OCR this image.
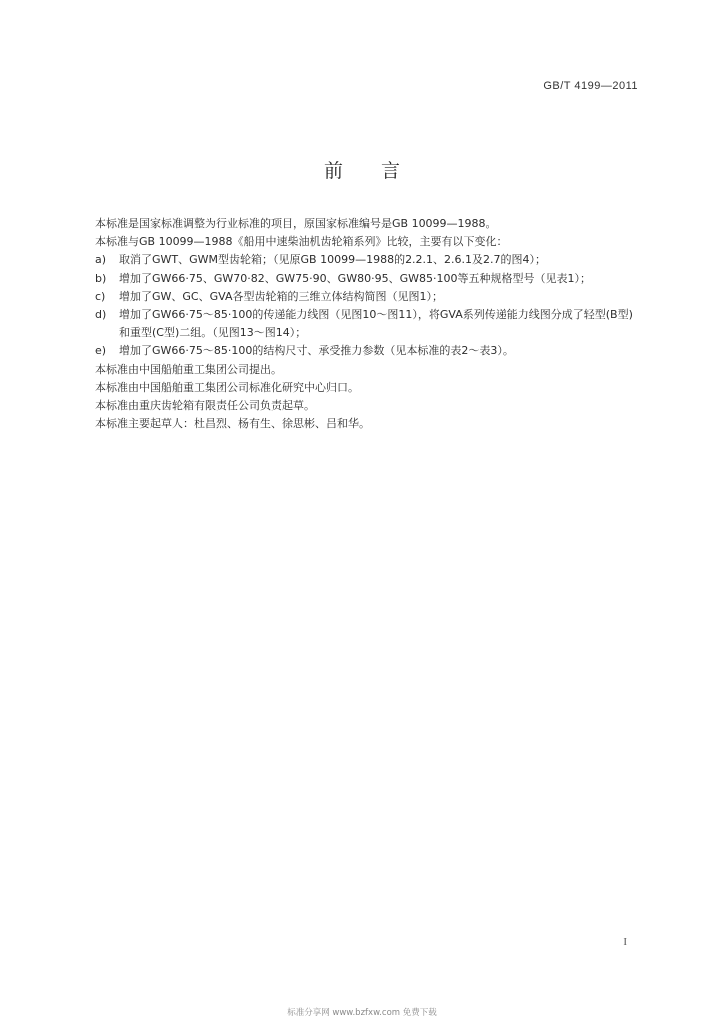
GB/T 4199—2011
前言
本标准是国家标准调整为行业标准的项目，原国家标准编号是GB 10099—1988。
本标准与GB 10099—1988《船用中速柴油机齿轮箱系列》比较，主要有以下变化：
a)	取消了GWT、GWM型齿轮箱；（见原GB 10099—1988的2.2.1、2.6.1及2.7的图4）；
b)	增加了GW66·75、GW70·82、GW75·90、GW80·95、GW85·100等五种规格型号（见表1）；
c)	增加了GW、GC、GVA各型齿轮箱的三维立体结构简图（见图1）；
d)	增加了GW66·75～85·100的传递能力线图（见图10～图11），将GVA系列传递能力线图分成了轻型(B型)和重型(C型)二组。（见图13～图14）；
e)	增加了GW66·75～85·100的结构尺寸、承受推力参数（见本标准的表2～表3）。
本标准由中国船舶重工集团公司提出。
本标准由中国船舶重工集团公司标准化研究中心归口。
本标准由重庆齿轮箱有限责任公司负责起草。
本标准主要起草人：杜昌烈、杨有生、徐思彬、吕和华。
I
标准分享网 www.bzfxw.com 免费下载
